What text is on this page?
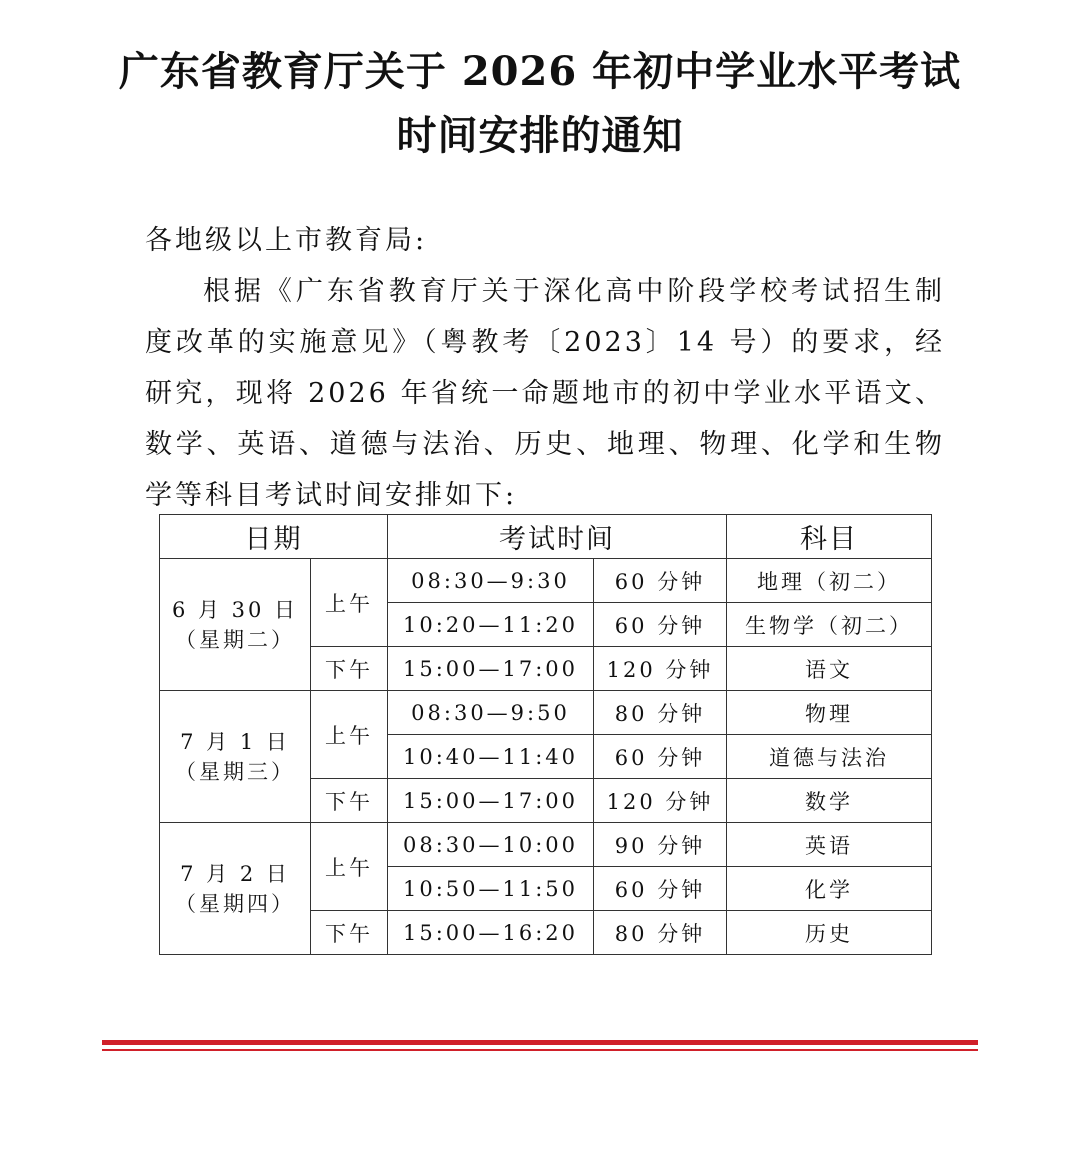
广东省教育厅关于 2026 年初中学业水平考试
时间安排的通知
各地级以上市教育局:
根据《广东省教育厅关于深化高中阶段学校考试招生制度改革的实施意见》（粤教考〔2023〕14 号）的要求，经研究，现将 2026 年省统一命题地市的初中学业水平语文、数学、英语、道德与法治、历史、地理、物理、化学和生物学等科目考试时间安排如下:
日期		考试时间		科目

6 月 30 日
（星期二）	上午	08:30—9:30	60 分钟	地理（初二）
		10:20—11:20	60 分钟	生物学（初二）
	下午	15:00—17:00	120 分钟	语文

7 月 1 日
（星期三）	上午	08:30—9:50	80 分钟	物理
		10:40—11:40	60 分钟	道德与法治
	下午	15:00—17:00	120 分钟	数学

7 月 2 日
（星期四）	上午	08:30—10:00	90 分钟	英语
		10:50—11:50	60 分钟	化学
	下午	15:00—16:20	80 分钟	历史
